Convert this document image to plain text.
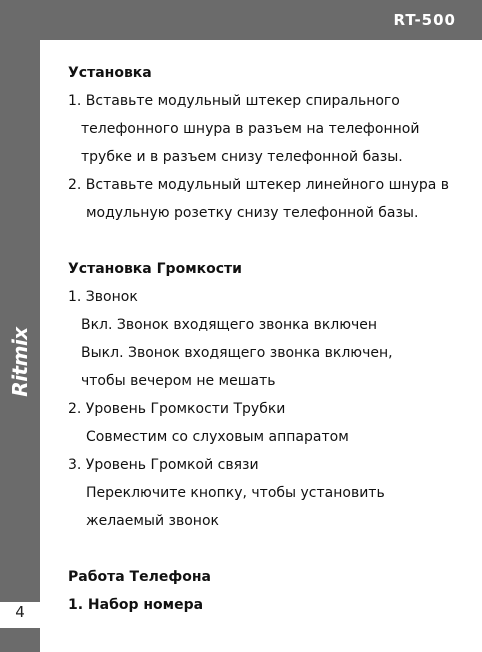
RT-500
Ritmix
4
Установка
1. Вставьте модульный штекер спирального
телефонного шнура в разъем на телефонной
трубке и в разъем снизу телефонной базы.
2. Вставьте модульный штекер линейного шнура в
модульную розетку снизу телефонной базы.
Установка Громкости
1. Звонок
Вкл. Звонок входящего звонка включен
Выкл. Звонок входящего звонка включен,
чтобы вечером не мешать
2. Уровень Громкости Трубки
Совместим со слуховым аппаратом
3. Уровень Громкой связи
Переключите кнопку, чтобы установить
желаемый звонок
Работа Телефона
1. Набор номера
